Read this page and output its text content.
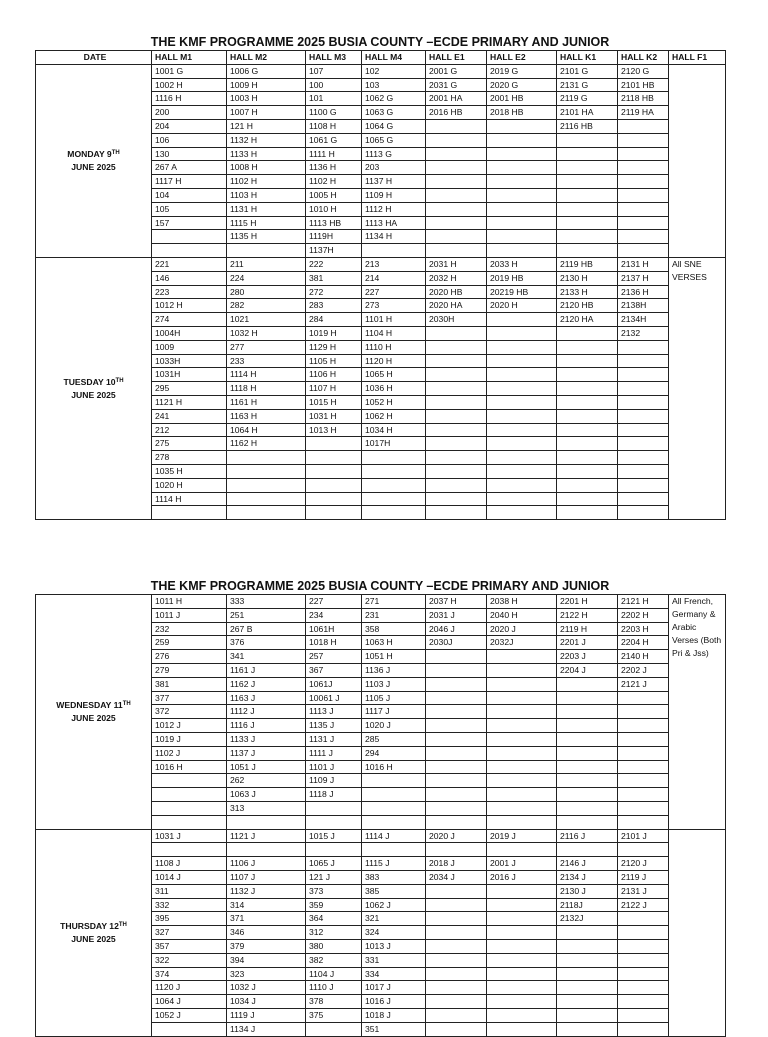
THE KMF PROGRAMME 2025 BUSIA COUNTY –ECDE PRIMARY AND JUNIOR
DATE	HALL M1	HALL M2	HALL M3	HALL M4	HALL E1	HALL E2	HALL K1	HALL K2	HALL F1
MONDAY 9TH
JUNE 2025	1001 G	1006 G	107	102	2001 G	2019 G	2101 G	2120 G	
	1002 H	1009 H	100	103	2031 G	2020 G	2131 G	2101 HB	
	1116 H	1003 H	101	1062 G	2001 HA	2001 HB	2119 G	2118 HB	
	200	1007 H	1100 G	1063 G	2016 HB	2018 HB	2101 HA	2119 HA	
	204	121 H	1108 H	1064 G			2116 HB		
	106	1132 H	1061 G	1065 G					
	130	1133 H	1111 H	1113 G					
	267 A	1008 H	1136 H	203					
	1117 H	1102 H	1102 H	1137 H					
	104	1103 H	1005 H	1109 H					
	105	1131 H	1010 H	1112 H					
	157	1115 H	1113 HB	1113 HA					
		1135 H	1119H	1134 H					
			1137H						
TUESDAY 10TH
JUNE 2025	221	211	222	213	2031 H	2033 H	2119 HB	2131 H	All SNE VERSES
	146	224	381	214	2032 H	2019 HB	2130 H	2137 H	
	223	280	272	227	2020 HB	20219 HB	2133 H	2136 H	
	1012 H	282	283	273	2020 HA	2020 H	2120 HB	2138H	
	274	1021	284	1101 H	2030H		2120 HA	2134H	
	1004H	1032 H	1019 H	1104 H				2132	
	1009	277	1129 H	1110 H					
	1033H	233	1105 H	1120 H					
	1031H	1114 H	1106 H	1065 H					
	295	1118 H	1107 H	1036 H					
	1121 H	1161 H	1015 H	1052 H					
	241	1163 H	1031 H	1062 H					
	212	1064 H	1013 H	1034 H					
	275	1162 H		1017H					
	278								
	1035 H								
	1020 H								
	1114 H								

THE KMF PROGRAMME 2025 BUSIA COUNTY –ECDE PRIMARY AND JUNIOR
WEDNESDAY 11TH
JUNE 2025	1011 H	333	227	271	2037 H	2038 H	2201 H	2121 H	All French, Germany & Arabic Verses (Both Pri & Jss)
	1011 J	251	234	231	2031 J	2040 H	2122 H	2202 H	
	232	267 B	1061H	358	2046 J	2020 J	2119 H	2203 H	
	259	376	1018 H	1063 H	2030J	2032J	2201 J	2204 H	
	276	341	257	1051 H			2203 J	2140 H	
	279	1161 J	367	1136 J			2204 J	2202 J	
	381	1162 J	1061J	1103 J				2121 J	
	377	1163 J	10061 J	1105 J					
	372	1112 J	1113 J	1117 J					
	1012 J	1116 J	1135 J	1020 J					
	1019 J	1133 J	1131 J	285					
	1102 J	1137 J	1111 J	294					
	1016 H	1051 J	1101 J	1016 H					
		262	1109 J						
		1063 J	1118 J						
		313							

THURSDAY 12TH
JUNE 2025	1031 J	1121 J	1015 J	1114 J	2020 J	2019 J	2116 J	2101 J	

	1108 J	1106 J	1065 J	1115 J	2018 J	2001 J	2146 J	2120 J	
	1014 J	1107 J	121 J	383	2034 J	2016 J	2134 J	2119 J	
	311	1132 J	373	385			2130 J	2131 J	
	332	314	359	1062 J			2118J	2122 J	
	395	371	364	321			2132J		
	327	346	312	324					
	357	379	380	1013 J					
	322	394	382	331					
	374	323	1104 J	334					
	1120 J	1032 J	1110 J	1017 J					
	1064 J	1034 J	378	1016 J					
	1052 J	1119 J	375	1018 J					
		1134 J		351					
